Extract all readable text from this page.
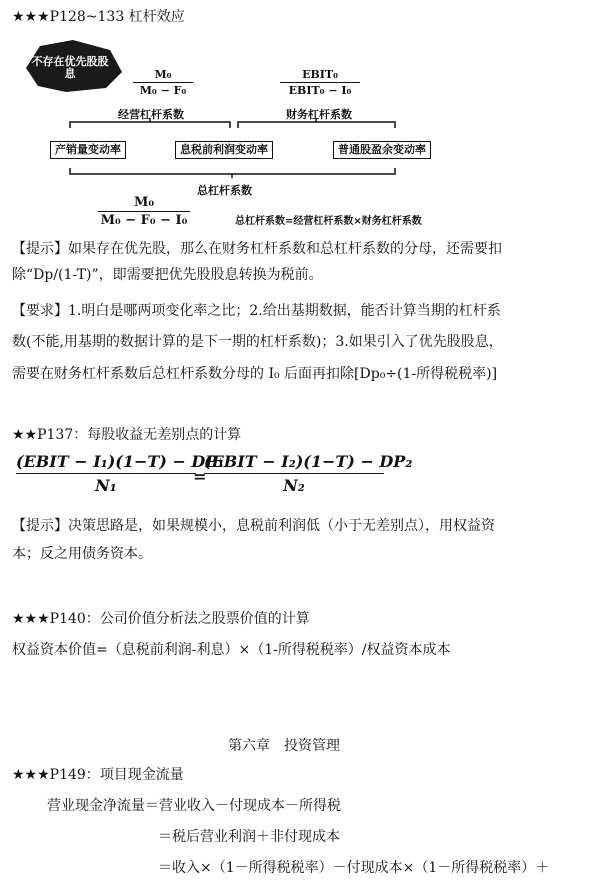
★★★P128~133 杠杆效应
不存在优先股股息	M₀
M₀ − F₀
EBIT₀
EBIT₀ − I₀
经营杠杆系数	财务杠杆系数
产销量变动率	息税前利润变动率	普通股盈余变动率
总杠杆系数
M₀
M₀ − F₀ − I₀	总杠杆系数=经营杠杆系数×财务杠杆系数
【提示】如果存在优先股，那么在财务杠杆系数和总杠杆系数的分母，还需要扣
除“Dp/(1-T)”，即需要把优先股股息转换为税前。
【要求】1.明白是哪两项变化率之比；2.给出基期数据，能否计算当期的杠杆系
数(不能,用基期的数据计算的是下一期的杠杆系数)；3.如果引入了优先股股息，
需要在财务杠杆系数后总杠杆系数分母的 I₀ 后面再扣除[Dp₀÷(1-所得税税率)]
★★P137：每股收益无差别点的计算
(EBIT − I₁)(1−T) − DP₁
N₁	=
(EBIT − I₂)(1−T) − DP₂
N₂
【提示】决策思路是，如果规模小，息税前利润低（小于无差别点），用权益资
本；反之用债务资本。
★★★P140：公司价值分析法之股票价值的计算
权益资本价值=（息税前利润-利息）×（1-所得税税率）/权益资本成本
第六章　投资管理
★★★P149：项目现金流量
营业现金净流量＝营业收入－付现成本－所得税
＝税后营业利润＋非付现成本
＝收入×（1－所得税税率）－付现成本×（1－所得税税率）＋
